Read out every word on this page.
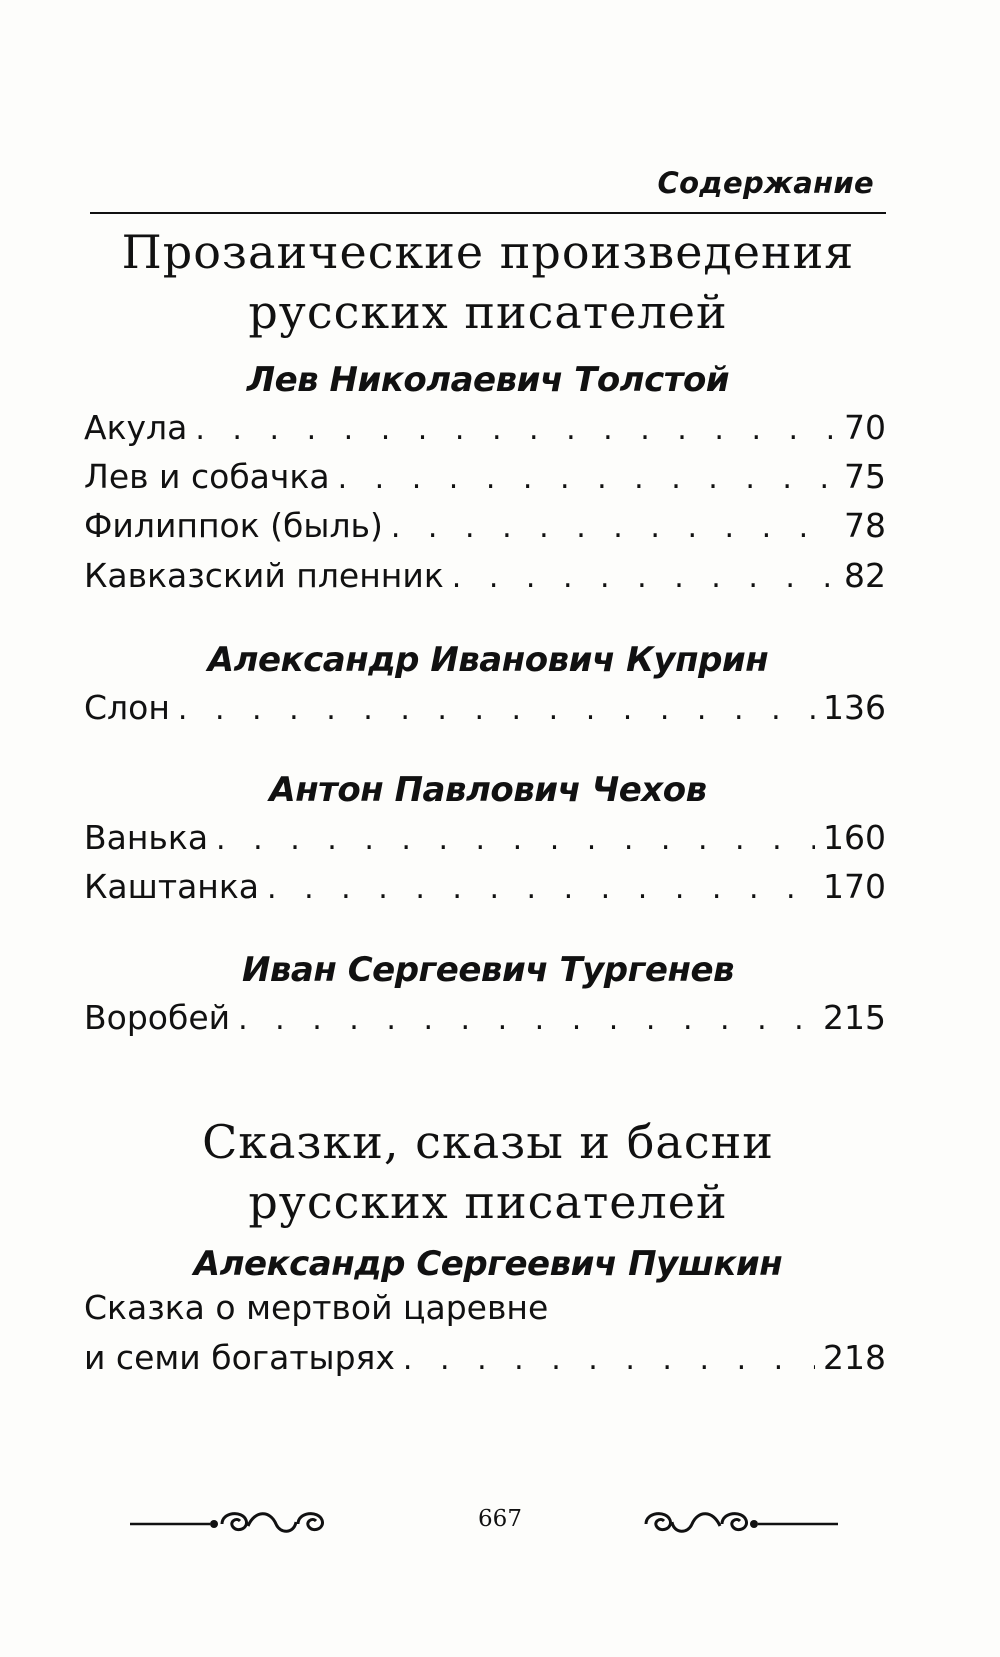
Содержание
Прозаические произведения
русских писателей
Лев Николаевич Толстой
Акула . . .	70
Лев и собачка . . .	75
Филиппок (быль) . . .	78
Кавказский пленник . . .	82
Александр Иванович Куприн
Слон . . .	136
Антон Павлович Чехов
Ванька . . .	160
Каштанка . . .	170
Иван Сергеевич Тургенев
Воробей . . .	215
Сказки, сказы и басни
русских писателей
Александр Сергеевич Пушкин
Сказка о мертвой царевне
и семи богатырях . . .	218
667
